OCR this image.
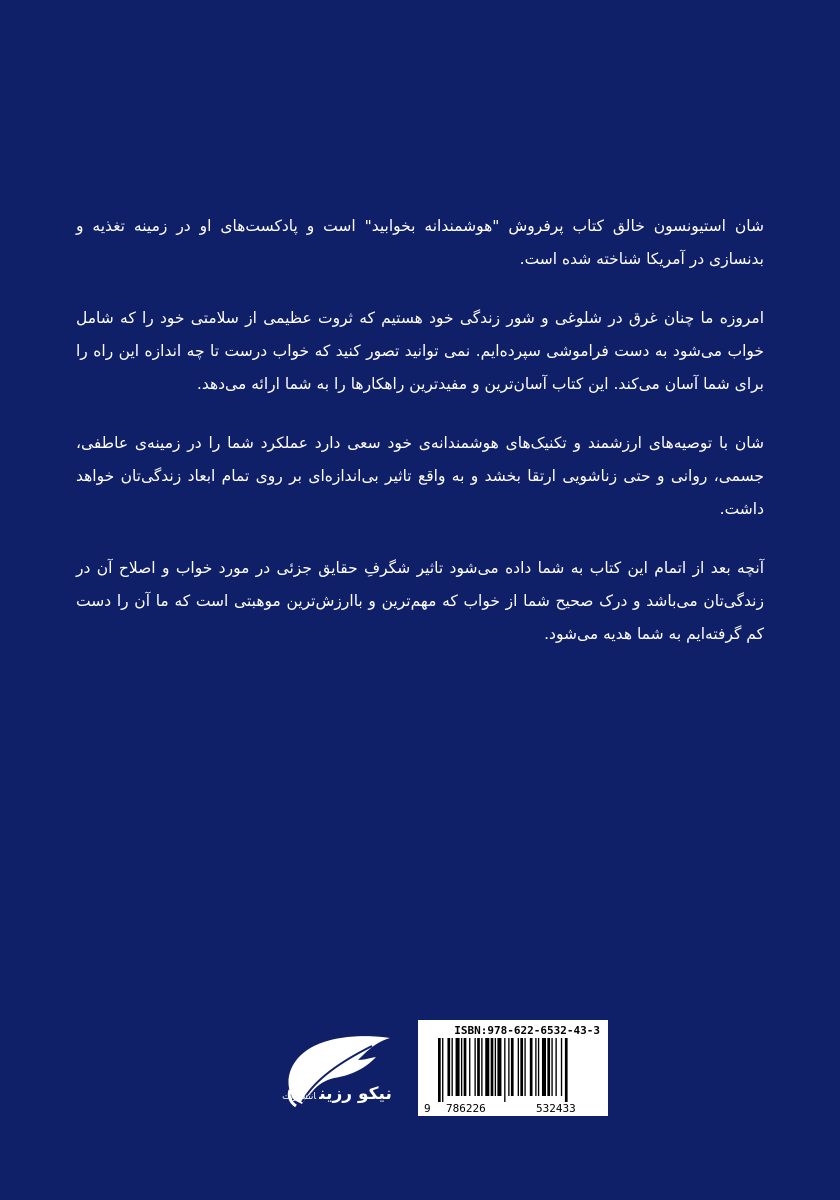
شان استیونسون خالق کتاب پرفروش "هوشمندانه بخوابید" است و پادکست‌های او در زمینه تغذیه و بدنسازی در آمریکا شناخته شده است.

امروزه ما چنان غرق در شلوغی و شور زندگی خود هستیم که ثروت عظیمی از سلامتی خود را که شامل خواب می‌شود به دست فراموشی سپرده‌ایم. نمی توانید تصور کنید که خواب درست تا چه اندازه این راه را برای شما آسان می‌کند. این کتاب آسان‌ترین و مفیدترین راهکارها را به شما ارائه می‌دهد.

شان با توصیه‌های ارزشمند و تکنیک‌های هوشمندانه‌ی خود سعی دارد عملکرد شما را در زمینه‌ی عاطفی، جسمی، روانی و حتی زناشویی ارتقا بخشد و به واقع تاثیر بی‌اندازه‌ای بر روی تمام ابعاد زندگی‌تان خواهد داشت.

آنچه بعد از اتمام این کتاب به شما داده می‌شود تاثیر شگرفِ حقایق جزئی در مورد خواب و اصلاح آن در زندگی‌تان می‌باشد و درک صحیح شما از خواب که مهم‌ترین و باارزش‌ترین موهبتی است که ما آن را دست کم گرفته‌ایم به شما هدیه می‌شود.

نیکو رزینانتشارات
ISBN:978-622-6532-43-3
9 786226	532433
